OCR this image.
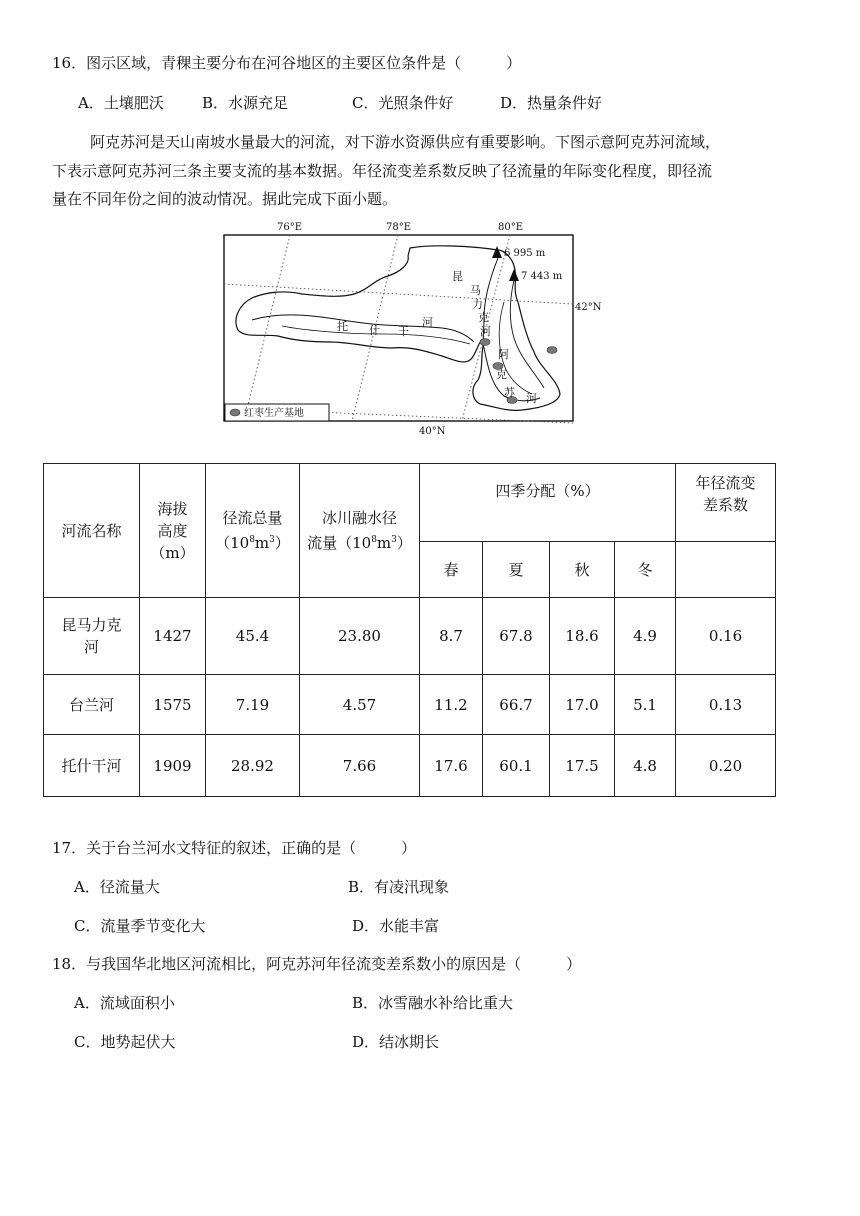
16．图示区域，青稞主要分布在河谷地区的主要区位条件是（　　　）
A．土壤肥沃	B．水源充足	C．光照条件好	D．热量条件好
阿克苏河是天山南坡水量最大的河流，对下游水资源供应有重要影响。下图示意阿克苏河流域，
下表示意阿克苏河三条主要支流的基本数据。年径流变差系数反映了径流量的年际变化程度，即径流
量在不同年份之间的波动情况。据此完成下面小题。
76°E	78°E	80°E
42°N
40°N
6 995 m
7 443 m
托 什 干
河
昆
马
力
克
河
阿
克
苏 河
红枣生产基地
河流名称	海拔
高度
（m）	径流总量
$(10^8m^3)$	冰川融水径
流量$(10^8m^3)$	四季分配（%）				年径流变
差系数
				春	夏	秋	冬	
昆马力克
河	1427	45.4	23.80	8.7	67.8	18.6	4.9	0.16
台兰河	1575	7.19	4.57	11.2	66.7	17.0	5.1	0.13
托什干河	1909	28.92	7.66	17.6	60.1	17.5	4.8	0.20
17．关于台兰河水文特征的叙述，正确的是（　　　）
A．径流量大	B．有凌汛现象
C．流量季节变化大	D．水能丰富
18．与我国华北地区河流相比，阿克苏河年径流变差系数小的原因是（　　　）
A．流域面积小	B．冰雪融水补给比重大
C．地势起伏大	D．结冰期长
